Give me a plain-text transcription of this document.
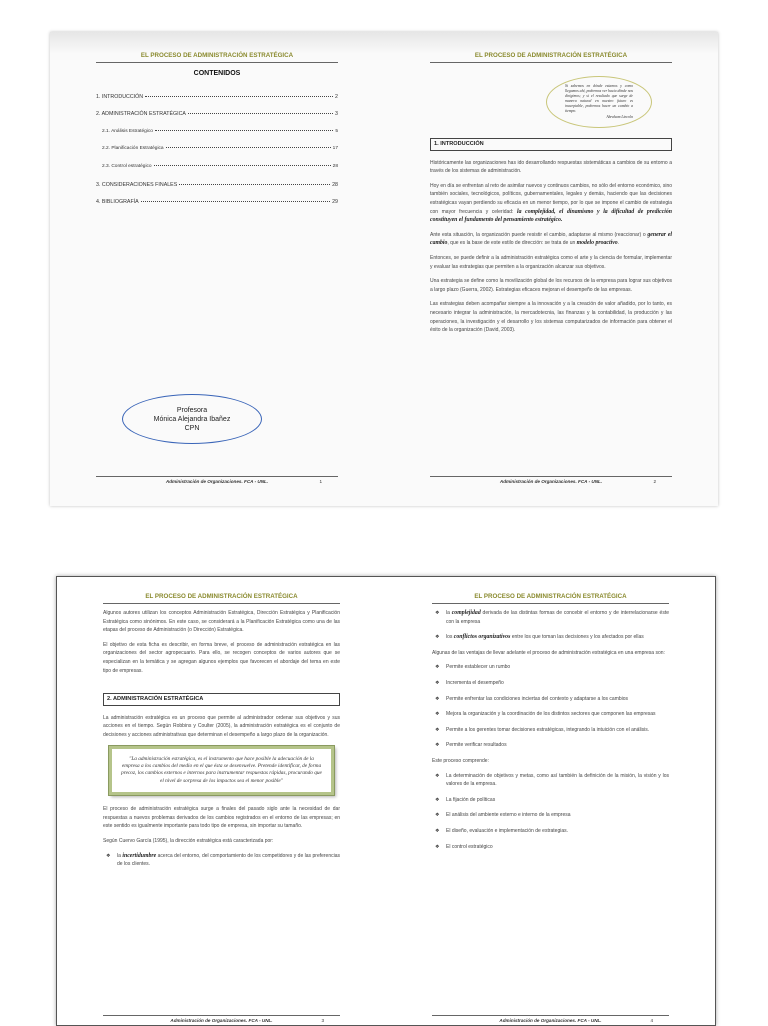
EL PROCESO DE ADMINISTRACIÓN ESTRATÉGICA
CONTENIDOS
1. INTRODUCCIÓN	2
2. ADMINISTRACIÓN ESTRATÉGICA	3
2.1. Análisis Estratégico	5
2.2. Planificación Estratégica	17
2.3. Control estratégico	28
3. CONSIDERACIONES FINALES	28
4. BIBLIOGRAFÍA	29
Profesora
Mónica Alejandra Ibañez
CPN
Administración de Organizaciones. FCA - UNL.	1
EL PROCESO DE ADMINISTRACIÓN ESTRATÉGICA
Si sabemos en dónde estamos y como llegamos ahí, podremos ver hacia dónde nos dirigimos; y si el resultado que surge de manera natural en nuestro futuro es inaceptable, podremos hacer un cambio a tiempo.
Abraham Lincoln
1. INTRODUCCIÓN

Históricamente las organizaciones has ido desarrollando respuestas sistemáticas a cambios de su entorno a través de los sistemas de administración.

Hoy en día se enfrentan al reto de asimilar nuevos y continuos cambios, no sólo del entorno económico, sino también sociales, tecnológicos, políticos, gubernamentales, legales y demás, haciendo que las decisiones estratégicas vayan perdiendo su eficacia en un menor tiempo, por lo que se impone el cambio de estrategia con mayor frecuencia y celeridad: la complejidad, el dinamismo y la dificultad de predicción constituyen el fundamento del pensamiento estratégico.

Ante esta situación, la organización puede resistir el cambio, adaptarse al mismo (reaccionar) o generar el cambio, que es la base de este estilo de dirección: se trata de un modelo proactivo.

Entonces, se puede definir a la administración estratégica como el arte y la ciencia de formular, implementar y evaluar las estrategias que permiten a la organización alcanzar sus objetivos.

Una estrategia se define como la movilización global de los recursos de la empresa para lograr sus objetivos a largo plazo (Guerra, 2002). Estrategias eficaces mejoran el desempeño de las empresas.

Las estrategias deben acompañar siempre a la innovación y a la creación de valor añadido, por lo tanto, es necesario integrar la administración, la mercadotecnia, las finanzas y la contabilidad, la producción y las operaciones, la investigación y el desarrollo y los sistemas computarizados de información para obtener el éxito de la organización (David, 2003).

Administración de Organizaciones. FCA - UNL.	2
EL PROCESO DE ADMINISTRACIÓN ESTRATÉGICA

Algunos autores utilizan los conceptos Administración Estratégica, Dirección Estratégica y Planificación Estratégica como sinónimos. En este caso, se considerará a la Planificación Estratégica como una de las etapas del proceso de Administración (o Dirección) Estratégica.

El objetivo de esta ficha es describir, en forma breve, el proceso de administración estratégica en las organizaciones del sector agropecuario. Para ello, se recogen conceptos de varios autores que se especializan en la temática y se agregan algunos ejemplos que favorecen el abordaje del tema en este tipo de empresas.

2. ADMINISTRACIÓN ESTRATÉGICA

La administración estratégica es un proceso que permite al administrador ordenar sus objetivos y sus acciones en el tiempo. Según Robbins y Coulter (2005), la administración estratégica es el conjunto de decisiones y acciones administrativas que determinan el desempeño a largo plazo de la organización.

"La administración estratégica, es el instrumento que hace posible la adecuación de la empresa a los cambios del medio en el que ésta se desenvuelve. Pretende identificar, de forma precoz, los cambios externos e internos para instrumentar respuestas rápidas, procurando que el nivel de sorpresa de los impactos sea el menor posible"

El proceso de administración estratégica surge a finales del pasado siglo ante la necesidad de dar respuestas a nuevos problemas derivados de los cambios registrados en el entorno de las empresas; en este sentido es igualmente importante para todo tipo de empresa, sin importar su tamaño.

Según Cuervo García (1995), la dirección estratégica está caracterizada por:

❖ la incertidumbre acerca del entorno, del comportamiento de los competidores y de las preferencias de los clientes.
Administración de Organizaciones. FCA - UNL.	3
EL PROCESO DE ADMINISTRACIÓN ESTRATÉGICA
❖ la complejidad derivada de las distintas formas de concebir el entorno y de interrelacionarse éste con la empresa
❖ los conflictos organizativos entre los que toman las decisiones y los afectados por ellas

Algunas de las ventajas de llevar adelante el proceso de administración estratégica en una empresa son:

❖ Permite establecer un rumbo
❖ Incrementa el desempeño
❖ Permite enfrentar las condiciones inciertas del contexto y adaptarse a los cambios
❖ Mejora la organización y la coordinación de los distintos sectores que componen las empresas
❖ Permite a los gerentes tomar decisiones estratégicas, integrando la intuición con el análisis.
❖ Permite verificar resultados

Este proceso comprende:

❖ La determinación de objetivos y metas, como así también la definición de la misión, la visión y los valores de la empresa.
❖ La fijación de políticas
❖ El análisis del ambiente externo e interno de la empresa
❖ El diseño, evaluación e implementación de estrategias.
❖ El control estratégico
Administración de Organizaciones. FCA - UNL.	4
